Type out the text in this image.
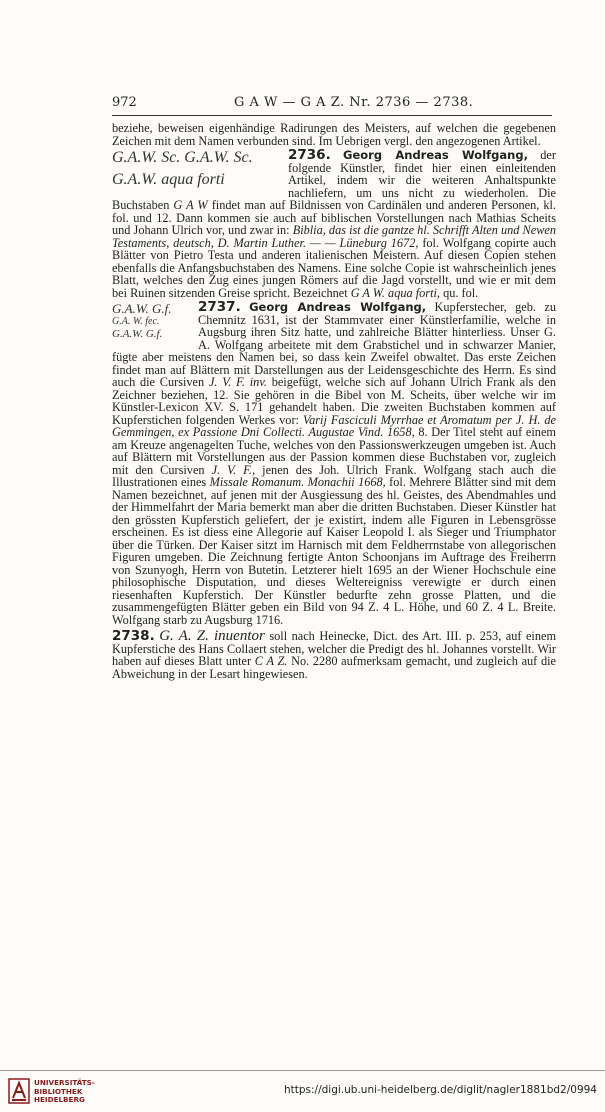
972	G A W — G A Z. Nr. 2736 — 2738.

beziehe, beweisen eigenhändige Radirungen des Meisters, auf welchen die gegebenen Zeichen mit dem Namen verbunden sind. Im Uebrigen vergl. den angezogenen Artikel.

2736. Georg Andreas Wolfgang,
G.A.W. Sc. G.A.W. Sc.
G.A.W. aqua forti
der folgende Künstler, findet hier einen einleitenden Artikel, indem wir die weiteren Anhaltspunkte nachliefern, um uns nicht zu wiederholen. Die Buchstaben G A W findet man auf Bildnissen von Cardinälen und anderen Personen, kl. fol. und 12. Dann kommen sie auch auf biblischen Vorstellungen nach Mathias Scheits und Johann Ulrich vor, und zwar in: Biblia, das ist die gantze hl. Schrifft Alten und Newen Testaments, deutsch, D. Martin Luther. — — Lüneburg 1672, fol. Wolfgang copirte auch Blätter von Pietro Testa und anderen italienischen Meistern. Auf diesen Copien stehen ebenfalls die Anfangsbuchstaben des Namens. Eine solche Copie ist wahrscheinlich jenes Blatt, welches den Zug eines jungen Römers auf die Jagd vorstellt, und wie er mit dem bei Ruinen sitzenden Greise spricht. Bezeichnet G A W. aqua forti, qu. fol.

2737. Georg Andreas Wolfgang,
G.A.W. G.f.
G.A. W. fec.
G.A.W. G.f.
Kupferstecher, geb. zu Chemnitz 1631, ist der Stammvater einer Künstlerfamilie, welche in Augsburg ihren Sitz hatte, und zahlreiche Blätter hinterliess. Unser G. A. Wolfgang arbeitete mit dem Grabstichel und in schwarzer Manier, fügte aber meistens den Namen bei, so dass kein Zweifel obwaltet. Das erste Zeichen findet man auf Blättern mit Darstellungen aus der Leidensgeschichte des Herrn. Es sind auch die Cursiven J. V. F. inv. beigefügt, welche sich auf Johann Ulrich Frank als den Zeichner beziehen, 12. Sie gehören in die Bibel von M. Scheits, über welche wir im Künstler-Lexicon XV. S. 171 gehandelt haben. Die zweiten Buchstaben kommen auf Kupferstichen folgenden Werkes vor: Varij Fasciculi Myrrhae et Aromatum per J. H. de Gemmingen, ex Passione Dni Collecti. Augustae Vind. 1658, 8. Der Titel steht auf einem am Kreuze angenagelten Tuche, welches von den Passionswerkzeugen umgeben ist. Auch auf Blättern mit Vorstellungen aus der Passion kommen diese Buchstaben vor, zugleich mit den Cursiven J. V. F., jenen des Joh. Ulrich Frank. Wolfgang stach auch die Illustrationen eines Missale Romanum. Monachii 1668, fol. Mehrere Blätter sind mit dem Namen bezeichnet, auf jenen mit der Ausgiessung des hl. Geistes, des Abendmahles und der Himmelfahrt der Maria bemerkt man aber die dritten Buchstaben. Dieser Künstler hat den grössten Kupferstich geliefert, der je existirt, indem alle Figuren in Lebensgrösse erscheinen. Es ist diess eine Allegorie auf Kaiser Leopold I. als Sieger und Triumphator über die Türken. Der Kaiser sitzt im Harnisch mit dem Feldherrnstabe von allegorischen Figuren umgeben. Die Zeichnung fertigte Anton Schoonjans im Auftrage des Freiherrn von Szunyogh, Herrn von Butetin. Letzterer hielt 1695 an der Wiener Hochschule eine philosophische Disputation, und dieses Weltereigniss verewigte er durch einen riesenhaften Kupferstich. Der Künstler bedurfte zehn grosse Platten, und die zusammengefügten Blätter geben ein Bild von 94 Z. 4 L. Höhe, und 60 Z. 4 L. Breite. Wolfgang starb zu Augsburg 1716.

2738. G. A. Z. inuentor soll nach Heinecke, Dict. des Art. III. p. 253, auf einem Kupferstiche des Hans Collaert stehen, welcher die Predigt des hl. Johannes vorstellt. Wir haben auf dieses Blatt unter C A Z. No. 2280 aufmerksam gemacht, und zugleich auf die Abweichung in der Lesart hingewiesen.

UNIVERSITÄTS-
BIBLIOTHEK
HEIDELBERG
https://digi.ub.uni-heidelberg.de/diglit/nagler1881bd2/0994
